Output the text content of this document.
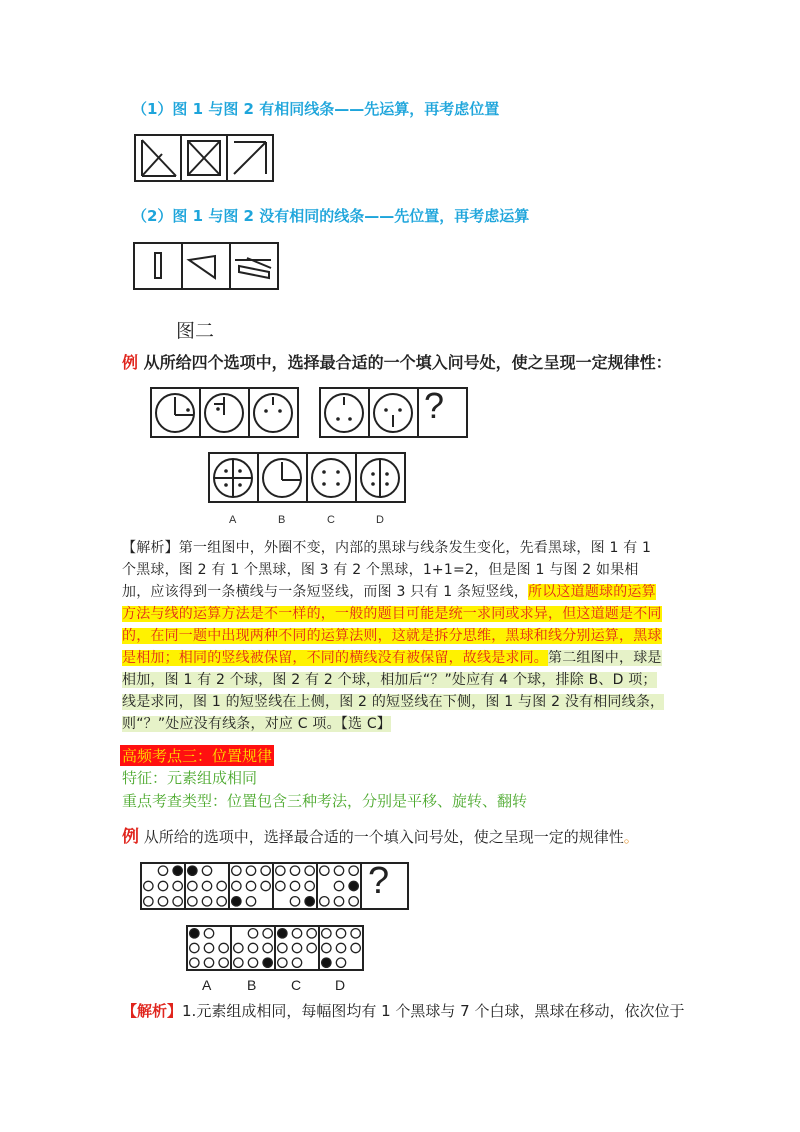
（1）图 1 与图 2 有相同线条——先运算，再考虑位置
（2）图 1 与图 2 没有相同的线条——先位置，再考虑运算
图二
例 从所给四个选项中，选择最合适的一个填入问号处，使之呈现一定规律性：
?
A	B	C	D
【解析】第一组图中，外圈不变，内部的黑球与线条发生变化，先看黑球，图 1 有 1 个黑球，图 2 有 1 个黑球，图 3 有 2 个黑球，1+1=2，但是图 1 与图 2 如果相加，应该得到一条横线与一条短竖线，而图 3 只有 1 条短竖线，所以这道题球的运算方法与线的运算方法是不一样的，一般的题目可能是统一求同或求异，但这道题是不同的，在同一题中出现两种不同的运算法则，这就是拆分思维，黑球和线分别运算，黑球是相加；相同的竖线被保留，不同的横线没有被保留，故线是求同。第二组图中，球是相加，图 1 有 2 个球，图 2 有 2 个球，相加后“？”处应有 4 个球，排除 B、D 项；线是求同，图 1 的短竖线在上侧，图 2 的短竖线在下侧，图 1 与图 2 没有相同线条，则“？”处应没有线条，对应 C 项。【选 C】
高频考点三：位置规律
特征：元素组成相同
重点考查类型：位置包含三种考法，分别是平移、旋转、翻转
例 从所给的选项中，选择最合适的一个填入问号处，使之呈现一定的规律性。
?
A	B C D
【解析】1.元素组成相同，每幅图均有 1 个黑球与 7 个白球，黑球在移动，依次位于
